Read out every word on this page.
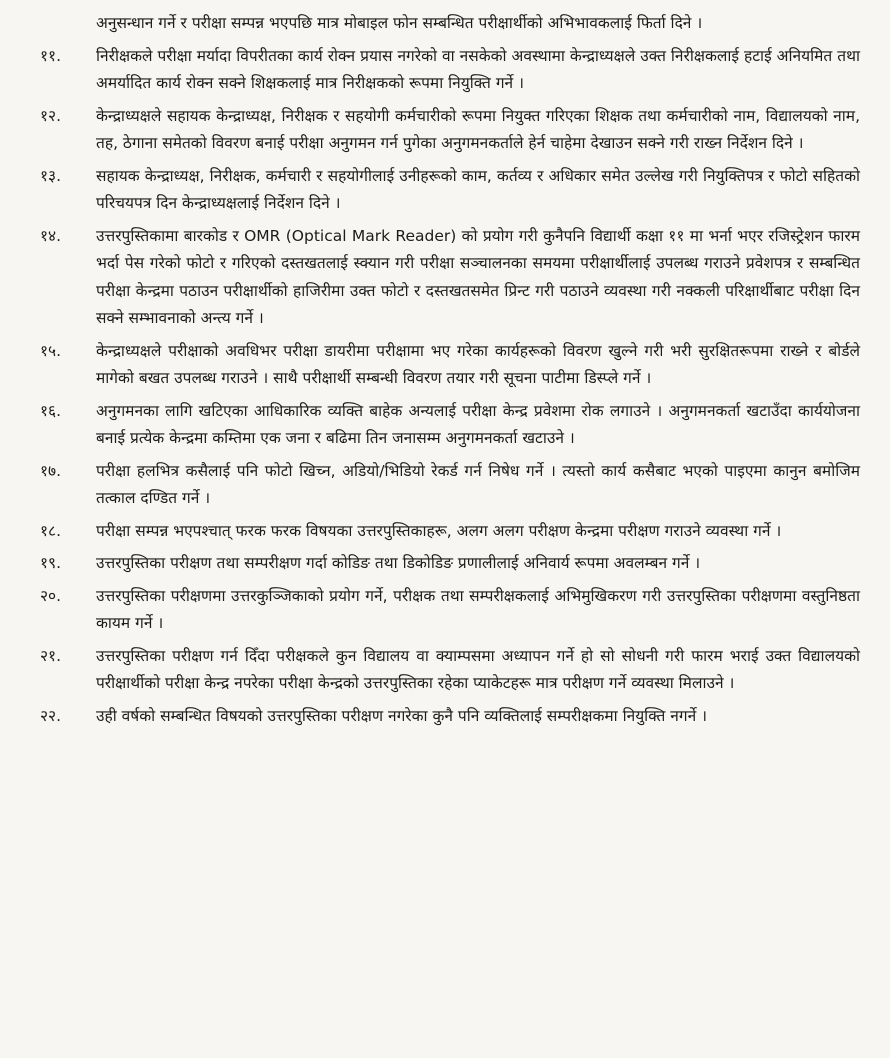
अनुसन्धान गर्ने र परीक्षा सम्पन्न भएपछि मात्र मोबाइल फोन सम्बन्धित परीक्षार्थीको अभिभावकलाई फिर्ता दिने ।
११.	निरीक्षकले परीक्षा मर्यादा विपरीतका कार्य रोक्न प्रयास नगरेको वा नसकेको अवस्थामा केन्द्राध्यक्षले उक्त निरीक्षकलाई हटाई अनियमित तथा अमर्यादित कार्य रोक्न सक्ने शिक्षकलाई मात्र निरीक्षकको रूपमा नियुक्ति गर्ने ।
१२.	केन्द्राध्यक्षले सहायक केन्द्राध्यक्ष, निरीक्षक र सहयोगी कर्मचारीको रूपमा नियुक्त गरिएका शिक्षक तथा कर्मचारीको नाम, विद्यालयको नाम, तह, ठेगाना समेतको विवरण बनाई परीक्षा अनुगमन गर्न पुगेका अनुगमनकर्ताले हेर्न चाहेमा देखाउन सक्ने गरी राख्न निर्देशन दिने ।
१३.	सहायक केन्द्राध्यक्ष, निरीक्षक, कर्मचारी र सहयोगीलाई उनीहरूको काम, कर्तव्य र अधिकार समेत उल्लेख गरी नियुक्तिपत्र र फोटो सहितको परिचयपत्र दिन केन्द्राध्यक्षलाई निर्देशन दिने ।
१४.	उत्तरपुस्तिकामा बारकोड र OMR (Optical Mark Reader) को प्रयोग गरी कुनैपनि विद्यार्थी कक्षा ११ मा भर्ना भएर रजिस्ट्रेशन फारम भर्दा पेस गरेको फोटो र गरिएको दस्तखतलाई स्क्यान गरी परीक्षा सञ्चालनका समयमा परीक्षार्थीलाई उपलब्ध गराउने प्रवेशपत्र र सम्बन्धित परीक्षा केन्द्रमा पठाउन परीक्षार्थीको हाजिरीमा उक्त फोटो र दस्तखतसमेत प्रिन्ट गरी पठाउने व्यवस्था गरी नक्कली परिक्षार्थीबाट परीक्षा दिन सक्ने सम्भावनाको अन्त्य गर्ने ।
१५.	केन्द्राध्यक्षले परीक्षाको अवधिभर परीक्षा डायरीमा परीक्षामा भए गरेका कार्यहरूको विवरण खुल्ने गरी भरी सुरक्षितरूपमा राख्ने र बोर्डले मागेको बखत उपलब्ध गराउने । साथै परीक्षार्थी सम्बन्धी विवरण तयार गरी सूचना पाटीमा डिस्प्ले गर्ने ।
१६.	अनुगमनका लागि खटिएका आधिकारिक व्यक्ति बाहेक अन्यलाई परीक्षा केन्द्र प्रवेशमा रोक लगाउने । अनुगमनकर्ता खटाउँदा कार्ययोजना बनाई प्रत्येक केन्द्रमा कम्तिमा एक जना र बढिमा तिन जनासम्म अनुगमनकर्ता खटाउने ।
१७.	परीक्षा हलभित्र कसैलाई पनि फोटो खिच्न, अडियो/भिडियो रेकर्ड गर्न निषेध गर्ने । त्यस्तो कार्य कसैबाट भएको पाइएमा कानुन बमोजिम तत्काल दण्डित गर्ने ।
१८.	परीक्षा सम्पन्न भएपश्चात् फरक फरक विषयका उत्तरपुस्तिकाहरू, अलग अलग परीक्षण केन्द्रमा परीक्षण गराउने व्यवस्था गर्ने ।
१९.	उत्तरपुस्तिका परीक्षण तथा सम्परीक्षण गर्दा कोडिङ तथा डिकोडिङ प्रणालीलाई अनिवार्य रूपमा अवलम्बन गर्ने ।
२०.	उत्तरपुस्तिका परीक्षणमा उत्तरकुञ्जिकाको प्रयोग गर्ने, परीक्षक तथा सम्परीक्षकलाई अभिमुखिकरण गरी उत्तरपुस्तिका परीक्षणमा वस्तुनिष्ठता कायम गर्ने ।
२१.	उत्तरपुस्तिका परीक्षण गर्न दिँदा परीक्षकले कुन विद्यालय वा क्याम्पसमा अध्यापन गर्ने हो सो सोधनी गरी फारम भराई उक्त विद्यालयको परीक्षार्थीको परीक्षा केन्द्र नपरेका परीक्षा केन्द्रको उत्तरपुस्तिका रहेका प्याकेटहरू मात्र परीक्षण गर्ने व्यवस्था मिलाउने ।
२२.	उही वर्षको सम्बन्धित विषयको उत्तरपुस्तिका परीक्षण नगरेका कुनै पनि व्यक्तिलाई सम्परीक्षकमा नियुक्ति नगर्ने ।
